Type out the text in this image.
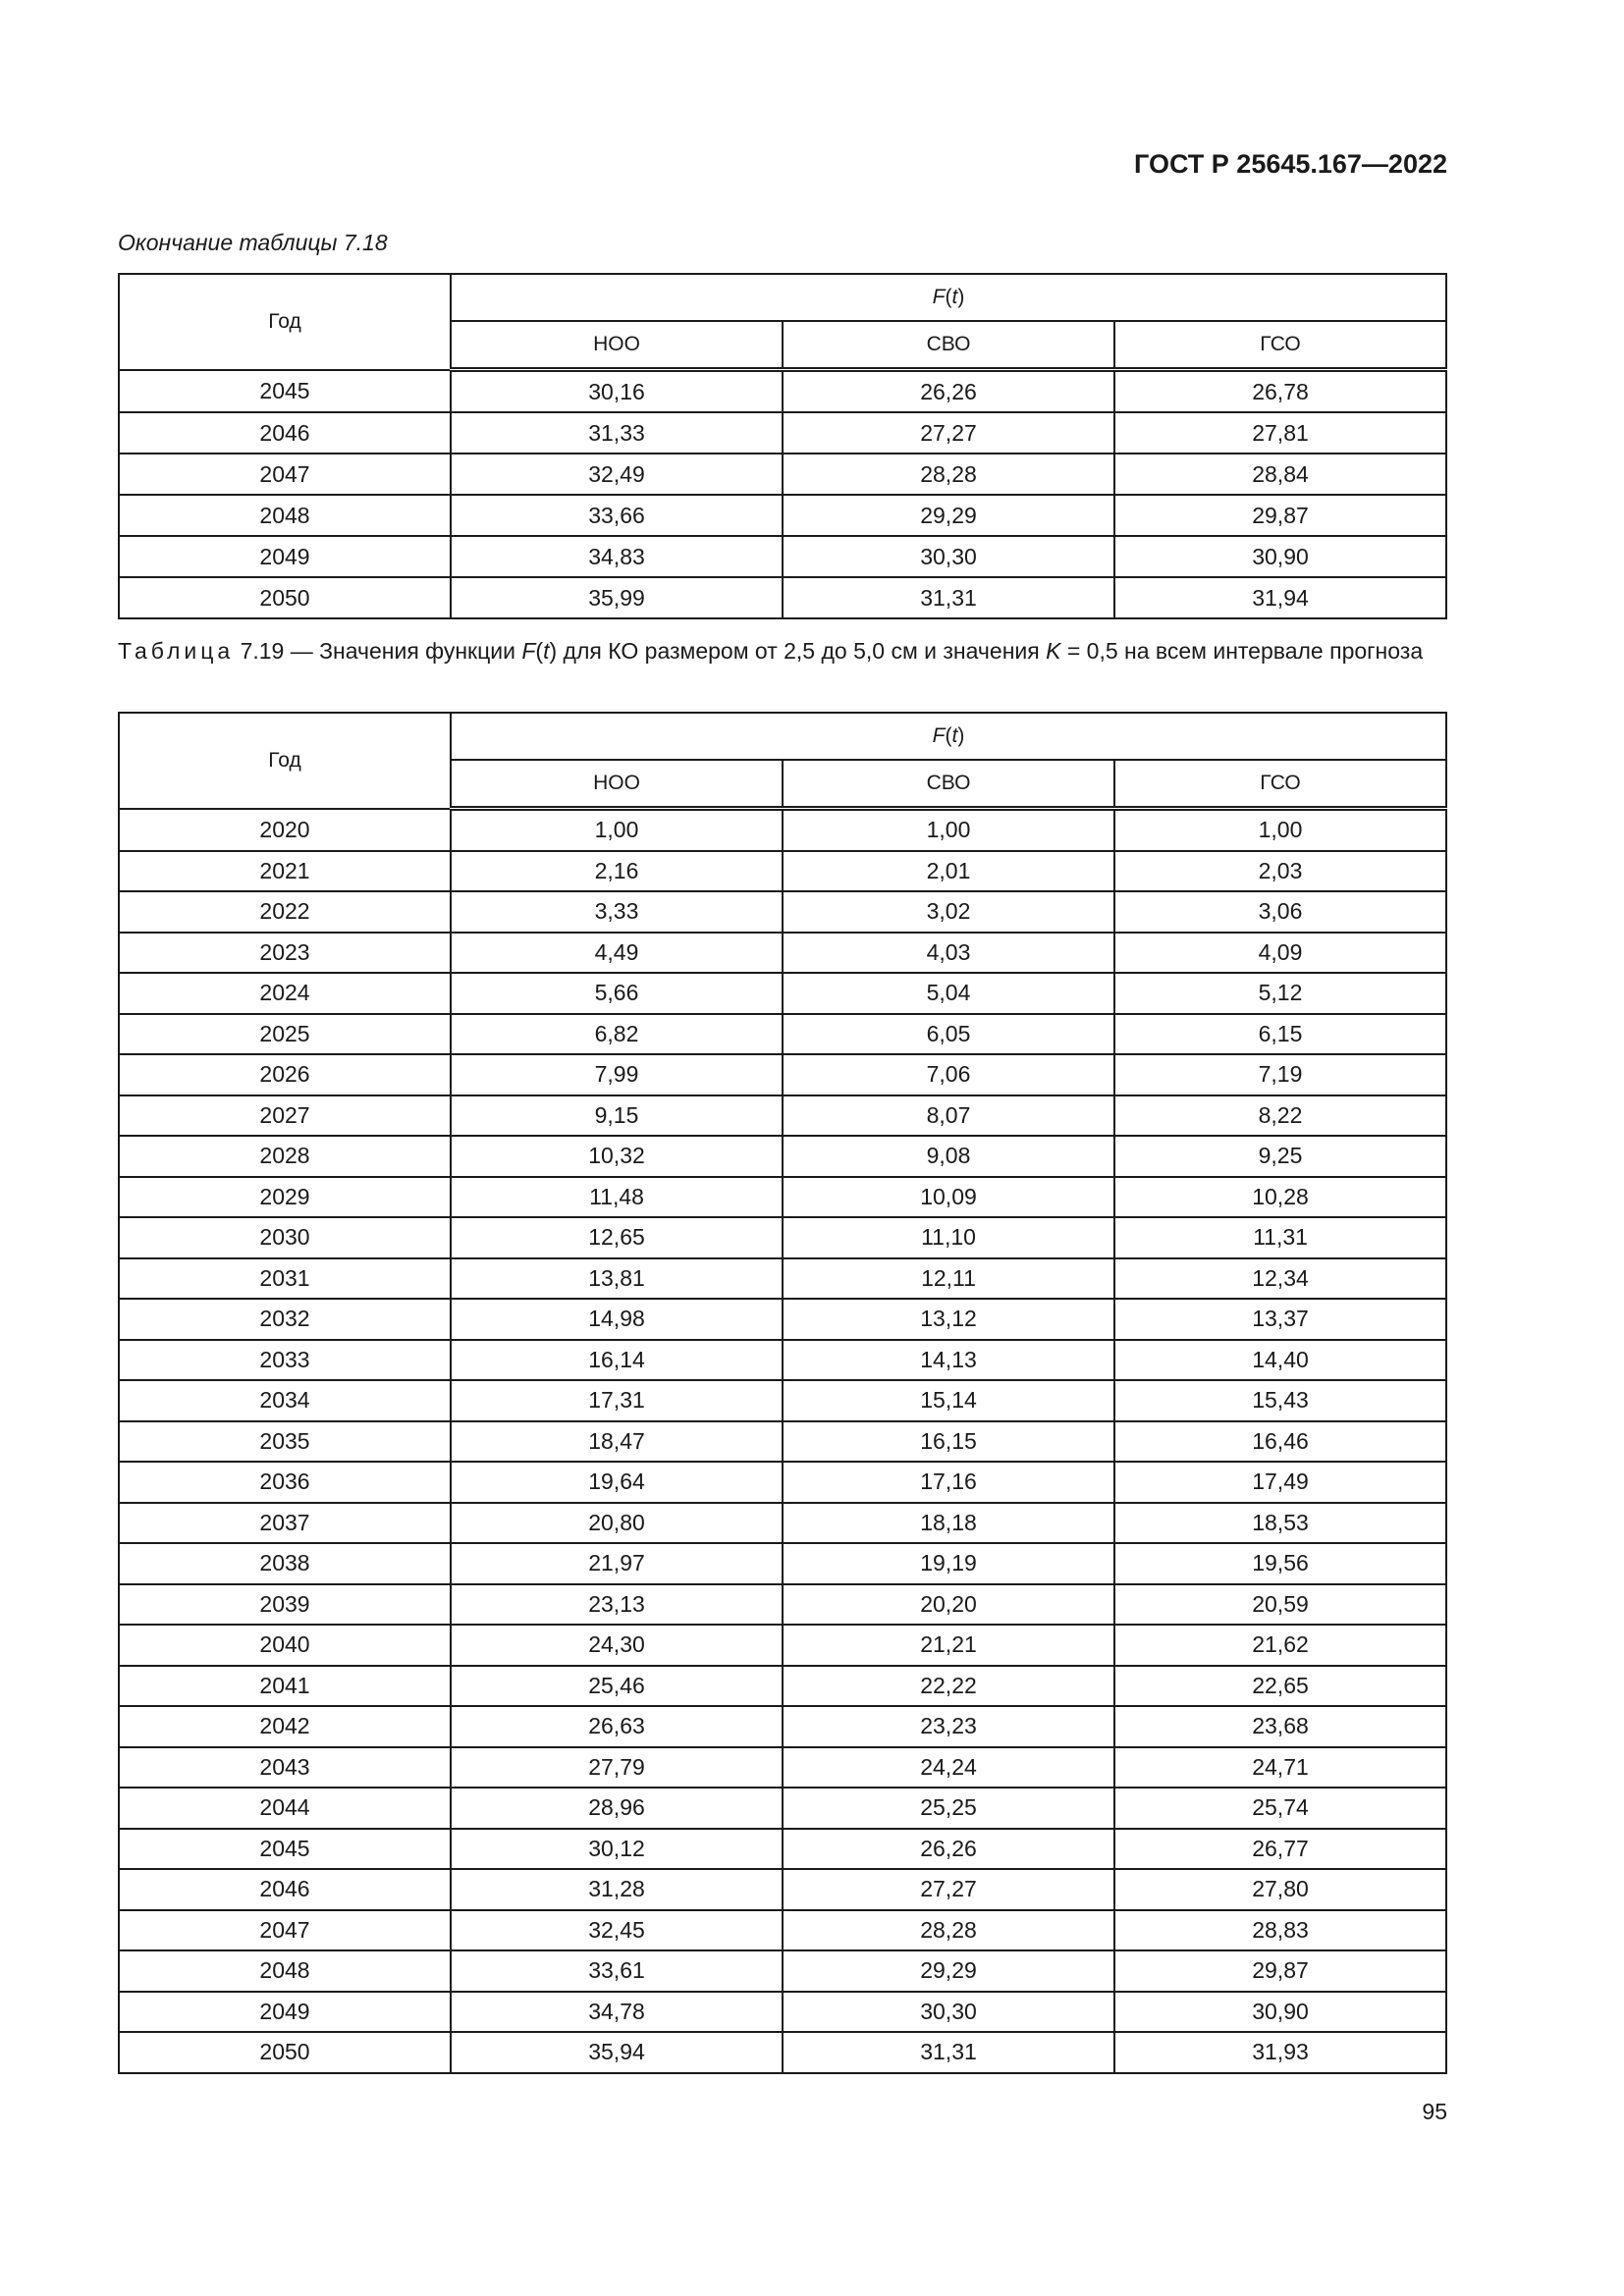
ГОСТ Р 25645.167—2022
Окончание таблицы 7.18
Год	F(t)		
	НОО	СВО	ГСО
2045	30,16	26,26	26,78
2046	31,33	27,27	27,81
2047	32,49	28,28	28,84
2048	33,66	29,29	29,87
2049	34,83	30,30	30,90
2050	35,99	31,31	31,94
Таблица 7.19 — Значения функции F(t) для КО размером от 2,5 до 5,0 см и значения K = 0,5 на всем интервале прогноза
Год	F(t)		
	НОО	СВО	ГСО
2020	1,00	1,00	1,00
2021	2,16	2,01	2,03
2022	3,33	3,02	3,06
2023	4,49	4,03	4,09
2024	5,66	5,04	5,12
2025	6,82	6,05	6,15
2026	7,99	7,06	7,19
2027	9,15	8,07	8,22
2028	10,32	9,08	9,25
2029	11,48	10,09	10,28
2030	12,65	11,10	11,31
2031	13,81	12,11	12,34
2032	14,98	13,12	13,37
2033	16,14	14,13	14,40
2034	17,31	15,14	15,43
2035	18,47	16,15	16,46
2036	19,64	17,16	17,49
2037	20,80	18,18	18,53
2038	21,97	19,19	19,56
2039	23,13	20,20	20,59
2040	24,30	21,21	21,62
2041	25,46	22,22	22,65
2042	26,63	23,23	23,68
2043	27,79	24,24	24,71
2044	28,96	25,25	25,74
2045	30,12	26,26	26,77
2046	31,28	27,27	27,80
2047	32,45	28,28	28,83
2048	33,61	29,29	29,87
2049	34,78	30,30	30,90
2050	35,94	31,31	31,93
95
